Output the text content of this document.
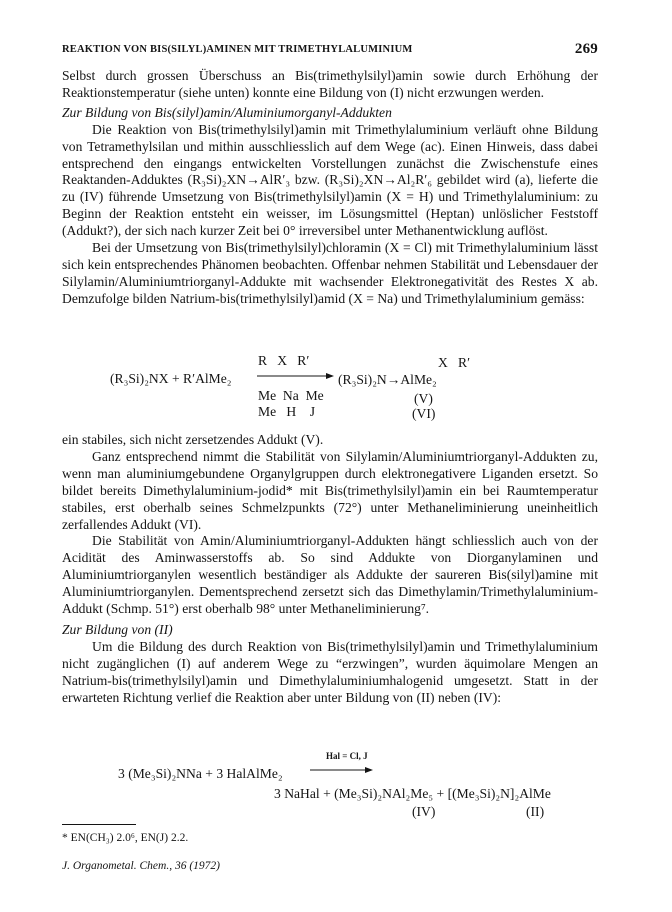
REAKTION VON BIS(SILYL)AMINEN MIT TRIMETHYLALUMINIUM	269

Selbst durch grossen Überschuss an Bis(trimethylsilyl)amin sowie durch Erhöhung der Reaktionstemperatur (siehe unten) konnte eine Bildung von (I) nicht erzwungen werden.

Zur Bildung von Bis(silyl)amin/Aluminiumorganyl-Addukten

Die Reaktion von Bis(trimethylsilyl)amin mit Trimethylaluminium verläuft ohne Bildung von Tetramethylsilan und mithin ausschliesslich auf dem Wege (ac). Einen Hinweis, dass dabei entsprechend den eingangs entwickelten Vorstellungen zunächst die Zwischenstufe eines Reaktanden-Adduktes (R₃Si)₂XN→AlR′₃ bzw. (R₃Si)₂XN→Al₂R′₆ gebildet wird (a), lieferte die zu (IV) führende Umsetzung von Bis(trimethylsilyl)amin (X = H) und Trimethylaluminium: zu Beginn der Reaktion entsteht ein weisser, im Lösungsmittel (Heptan) unlöslicher Feststoff (Addukt?), der sich nach kurzer Zeit bei 0° irreversibel unter Methanentwicklung auflöst.

Bei der Umsetzung von Bis(trimethylsilyl)chloramin (X = Cl) mit Trimethylaluminium lässt sich kein entsprechendes Phänomen beobachten. Offenbar nehmen Stabilität und Lebensdauer der Silylamin/Aluminiumtriorganyl-Addukte mit wachsender Elektronegativität des Restes X ab. Demzufolge bilden Natrium-bis(trimethylsilyl)amid (X = Na) und Trimethylaluminium gemäss:

(R₃Si)₂NX + R′AlMe₂
R   X   R′	X   R′
(R₃Si)₂N→AlMe₂
Me  Na  Me	(V)
Me   H    J	(VI)

ein stabiles, sich nicht zersetzendes Addukt (V).

Ganz entsprechend nimmt die Stabilität von Silylamin/Aluminiumtriorganyl-Addukten zu, wenn man aluminiumgebundene Organylgruppen durch elektronegativere Liganden ersetzt. So bildet bereits Dimethylaluminium-jodid* mit Bis(trimethylsilyl)amin ein bei Raumtemperatur stabiles, erst oberhalb seines Schmelzpunkts (72°) unter Methaneliminierung uneinheitlich zerfallendes Addukt (VI).

Die Stabilität von Amin/Aluminiumtriorganyl-Addukten hängt schliesslich auch von der Acidität des Aminwasserstoffs ab. So sind Addukte von Diorganylaminen und Aluminiumtriorganylen wesentlich beständiger als Addukte der saureren Bis(silyl)amine mit Aluminiumtriorganylen. Dementsprechend zersetzt sich das Dimethylamin/Trimethylaluminium-Addukt (Schmp. 51°) erst oberhalb 98° unter Methaneliminierung⁷.

Zur Bildung von (II)

Um die Bildung des durch Reaktion von Bis(trimethylsilyl)amin und Trimethylaluminium nicht zugänglichen (I) auf anderem Wege zu “erzwingen”, wurden äquimolare Mengen an Natrium-bis(trimethylsilyl)amin und Dimethylaluminiumhalogenid umgesetzt. Statt in der erwarteten Richtung verlief die Reaktion aber unter Bildung von (II) neben (IV):

3 (Me₃Si)₂NNa + 3 HalAlMe₂
Hal = Cl, J
3 NaHal + (Me₃Si)₂NAl₂Me₅ + [(Me₃Si)₂N]₂AlMe
(IV)	(II)
* EN(CH₃) 2.0⁶, EN(J) 2.2.
J. Organometal. Chem., 36 (1972)
